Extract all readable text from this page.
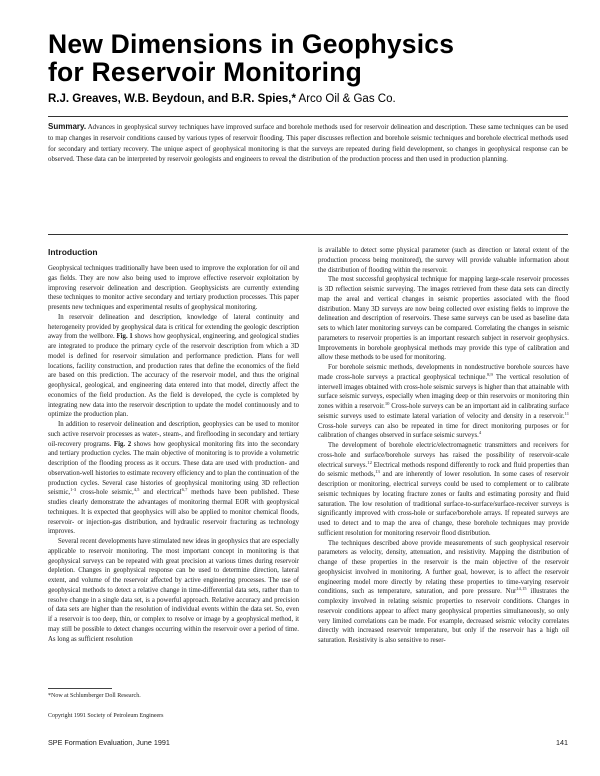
New Dimensions in Geophysics
for Reservoir Monitoring
R.J. Greaves, W.B. Beydoun, and B.R. Spies,* Arco Oil & Gas Co.
Summary. Advances in geophysical survey techniques have improved surface and borehole methods used for reservoir delineation and description. These same techniques can be used to map changes in reservoir conditions caused by various types of reservoir flooding. This paper discusses reflection and borehole seismic techniques and borehole electrical methods used for secondary and tertiary recovery. The unique aspect of geophysical monitoring is that the surveys are repeated during field development, so changes in geophysical response can be observed. These data can be interpreted by reservoir geologists and engineers to reveal the distribution of the production process and then used in production planning.
Introduction

Geophysical techniques traditionally have been used to improve the exploration for oil and gas fields. They are now also being used to improve effective reservoir exploitation by improving reservoir delineation and description. Geophysicists are currently extending these techniques to monitor active secondary and tertiary production processes. This paper presents new techniques and experimental results of geophysical monitoring.

In reservoir delineation and description, knowledge of lateral continuity and heterogeneity provided by geophysical data is critical for extending the geologic description away from the wellbore. Fig. 1 shows how geophysical, engineering, and geological studies are integrated to produce the primary cycle of the reservoir description from which a 3D model is defined for reservoir simulation and performance prediction. Plans for well locations, facility construction, and production rates that define the economics of the field are based on this prediction. The accuracy of the reservoir model, and thus the original geophysical, geological, and engineering data entered into that model, directly affect the economics of the field production. As the field is developed, the cycle is completed by integrating new data into the reservoir description to update the model continuously and to optimize the production plan.

In addition to reservoir delineation and description, geophysics can be used to monitor such active reservoir processes as water-, steam-, and fireflooding in secondary and tertiary oil-recovery programs. Fig. 2 shows how geophysical monitoring fits into the secondary and tertiary production cycles. The main objective of monitoring is to provide a volumetric description of the flooding process as it occurs. These data are used with production- and observation-well histories to estimate recovery efficiency and to plan the continuation of the production cycles. Several case histories of geophysical monitoring using 3D reflection seismic,$^{1-3}$ cross-hole seismic,$^{4,5}$ and electrical$^{6,7}$ methods have been published. These studies clearly demonstrate the advantages of monitoring thermal EOR with geophysical techniques. It is expected that geophysics will also be applied to monitor chemical floods, reservoir- or injection-gas distribution, and hydraulic reservoir fracturing as technology improves.

Several recent developments have stimulated new ideas in geophysics that are especially applicable to reservoir monitoring. The most important concept in monitoring is that geophysical surveys can be repeated with great precision at various times during reservoir depletion. Changes in geophysical response can be used to determine direction, lateral extent, and volume of the reservoir affected by active engineering processes. The use of geophysical methods to detect a relative change in time-differential data sets, rather than to resolve change in a single data set, is a powerful approach. Relative accuracy and precision of data sets are higher than the resolution of individual events within the data set. So, even if a reservoir is too deep, thin, or complex to resolve or image by a geophysical method, it may still be possible to detect changes occurring within the reservoir over a period of time. As long as sufficient resolution

is available to detect some physical parameter (such as direction or lateral extent of the production process being monitored), the survey will provide valuable information about the distribution of flooding within the reservoir.

The most successful geophysical technique for mapping large-scale reservoir processes is 3D reflection seismic surveying. The images retrieved from these data sets can directly map the areal and vertical changes in seismic properties associated with the flood distribution. Many 3D surveys are now being collected over existing fields to improve the delineation and description of reservoirs. These same surveys can be used as baseline data sets to which later monitoring surveys can be compared. Correlating the changes in seismic parameters to reservoir properties is an important research subject in reservoir geophysics. Improvements in borehole geophysical methods may provide this type of calibration and allow these methods to be used for monitoring.

For borehole seismic methods, developments in nondestructive borehole sources have made cross-hole surveys a practical geophysical technique.$^{8,9}$ The vertical resolution of interwell images obtained with cross-hole seismic surveys is higher than that attainable with surface seismic surveys, especially when imaging deep or thin reservoirs or monitoring thin zones within a reservoir.$^{10}$ Cross-hole surveys can be an important aid in calibrating surface seismic surveys used to estimate lateral variation of velocity and density in a reservoir.$^{11}$ Cross-hole surveys can also be repeated in time for direct monitoring purposes or for calibration of changes observed in surface seismic surveys.$^4$

The development of borehole electric/electromagnetic transmitters and receivers for cross-hole and surface/borehole surveys has raised the possibility of reservoir-scale electrical surveys.$^{12}$ Electrical methods respond differently to rock and fluid properties than do seismic methods,$^{13}$ and are inherently of lower resolution. In some cases of reservoir description or monitoring, electrical surveys could be used to complement or to calibrate seismic techniques by locating fracture zones or faults and estimating porosity and fluid saturation. The low resolution of traditional surface-to-surface/surface-receiver surveys is significantly improved with cross-hole or surface/borehole arrays. If repeated surveys are used to detect and to map the area of change, these borehole techniques may provide sufficient resolution for monitoring reservoir flood distribution.

The techniques described above provide measurements of such geophysical reservoir parameters as velocity, density, attenuation, and resistivity. Mapping the distribution of change of these properties in the reservoir is the main objective of the reservoir geophysicist involved in monitoring. A further goal, however, is to affect the reservoir engineering model more directly by relating these properties to time-varying reservoir conditions, such as temperature, saturation, and pore pressure. Nur$^{14,15}$ illustrates the complexity involved in relating seismic properties to reservoir conditions. Changes in reservoir conditions appear to affect many geophysical properties simultaneously, so only very limited correlations can be made. For example, decreased seismic velocity correlates directly with increased reservoir temperature, but only if the reservoir has a high oil saturation. Resistivity is also sensitive to reser-

*Now at Schlumberger Doll Research.
Copyright 1991 Society of Petroleum Engineers
SPE Formation Evaluation, June 1991	141
